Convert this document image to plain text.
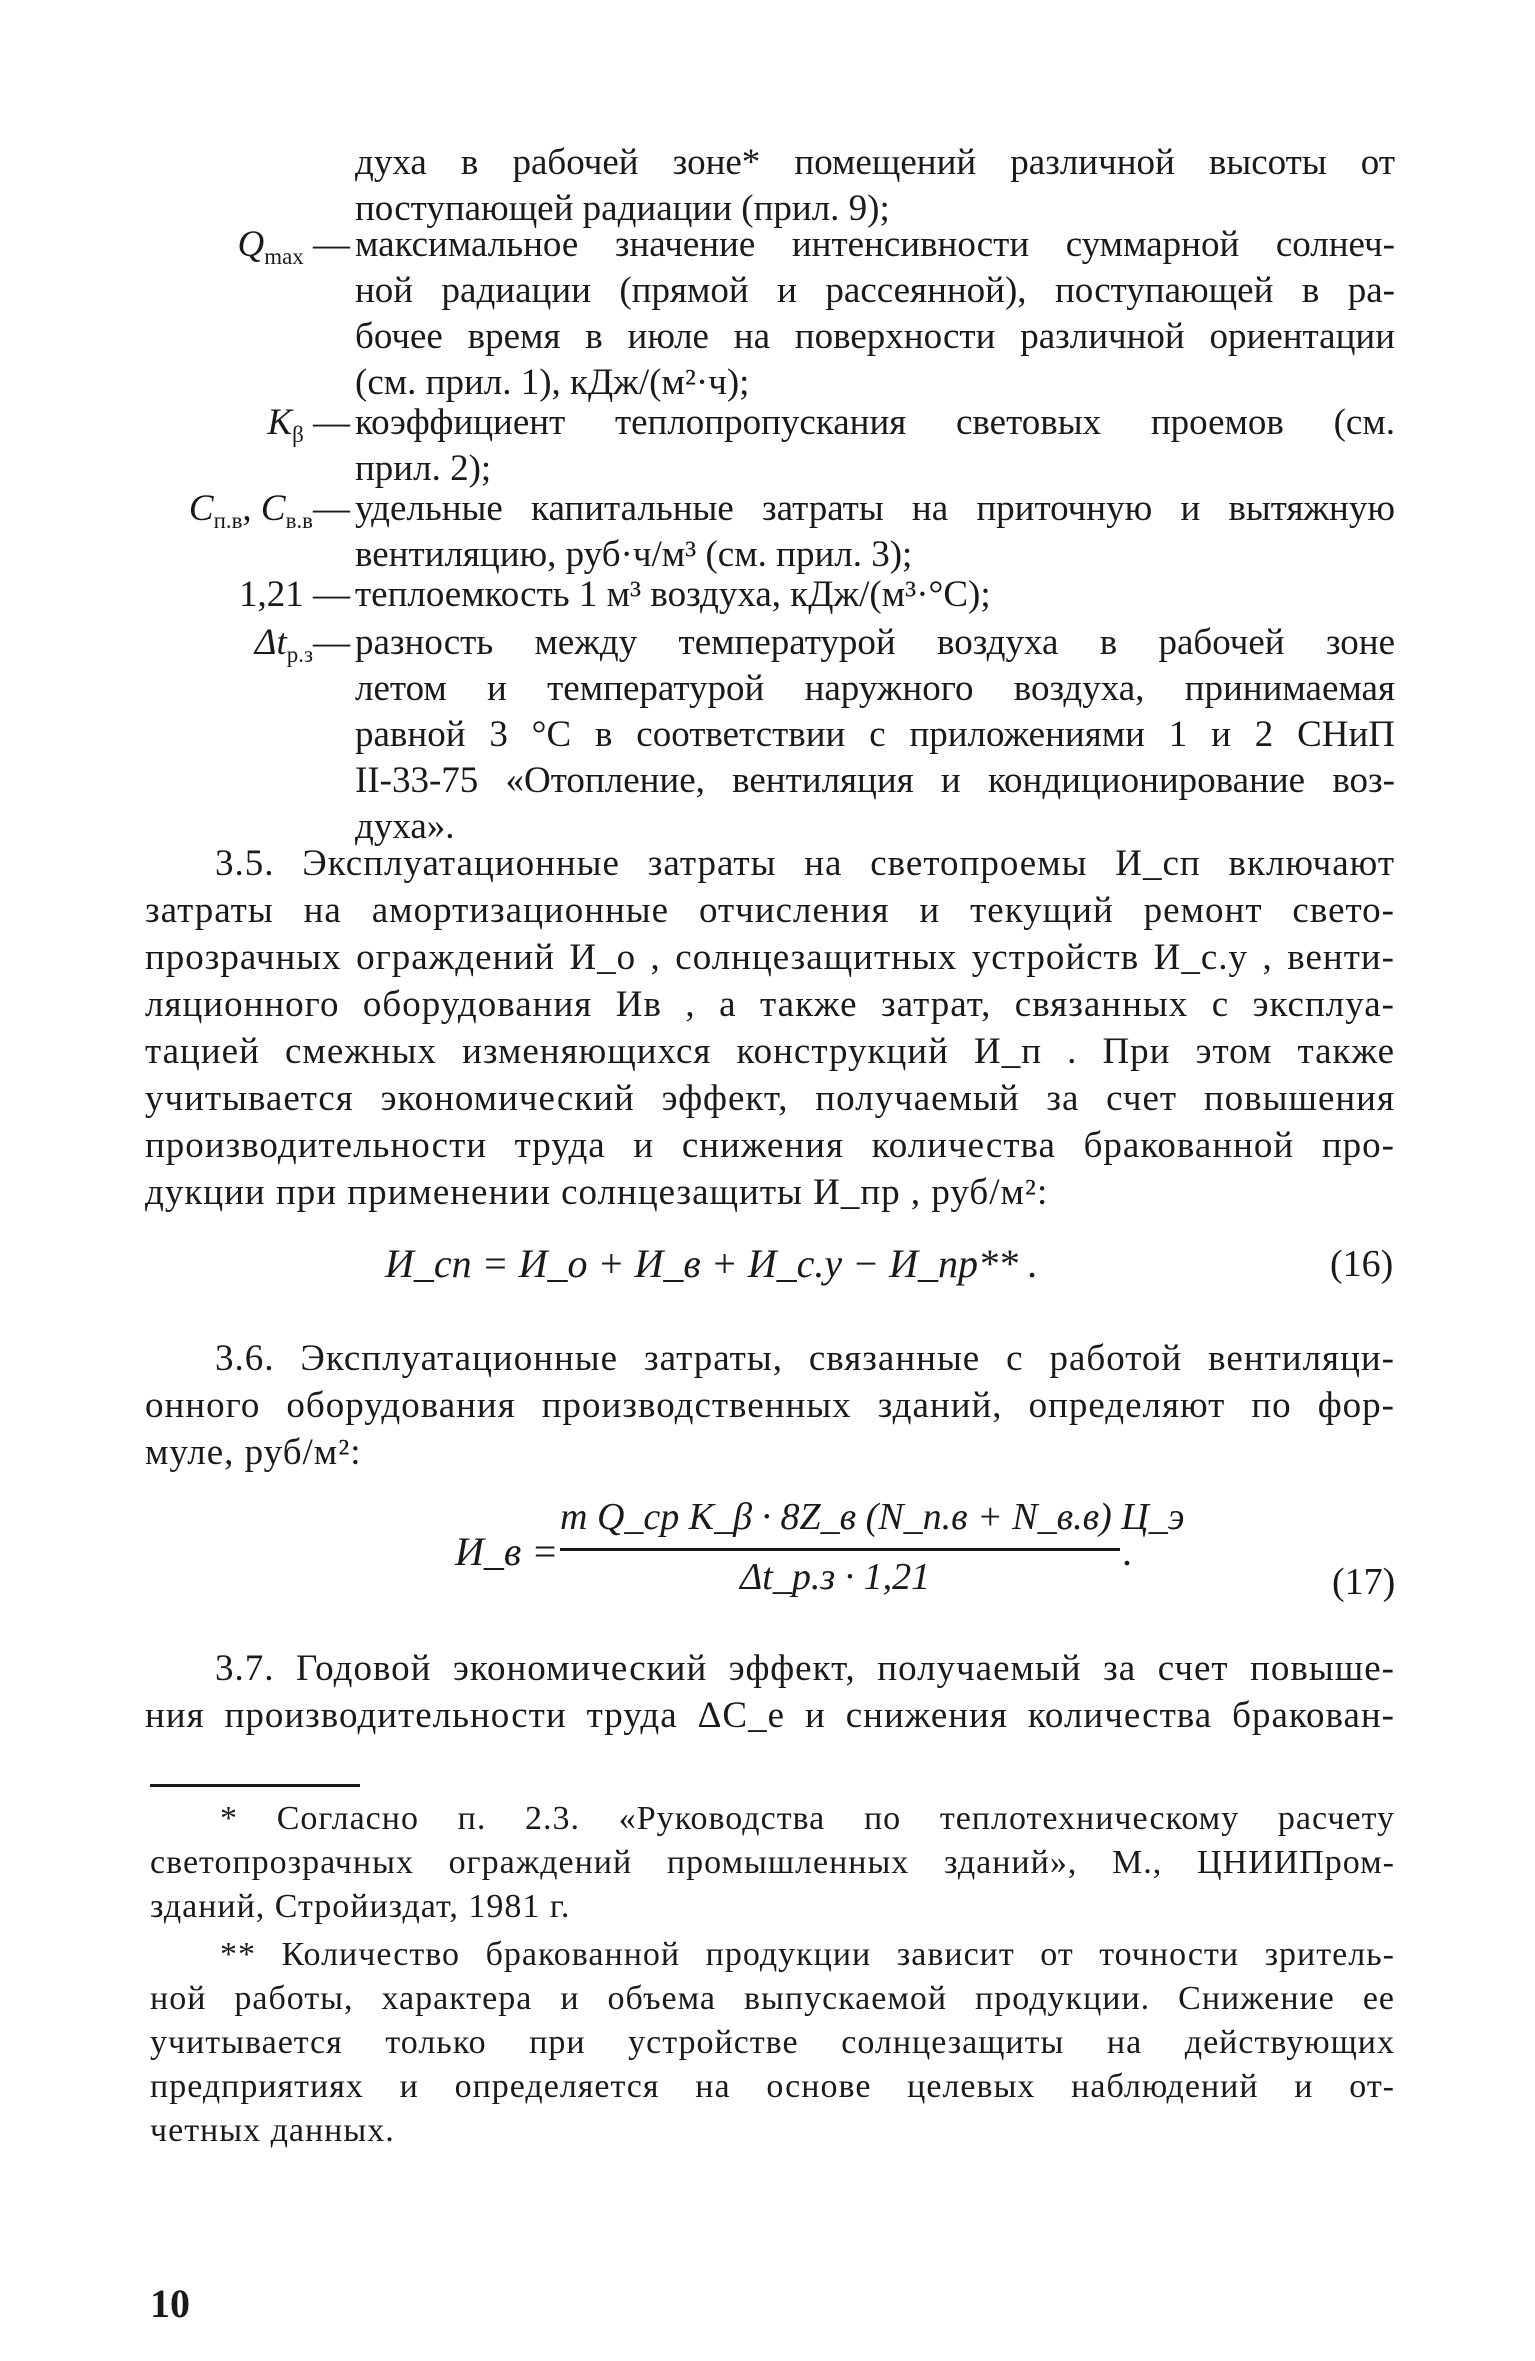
духа в рабочей зоне* помещений различной высоты от
поступающей радиации (прил. 9);
$Q_{max}$ — максимальное значение интенсивности суммарной солнеч-
ной радиации (прямой и рассеянной), поступающей в ра-
бочее время в июле на поверхности различной ориентации
(см. прил. 1), кДж/(м²·ч);
$K_\beta$ — коэффициент теплопропускания световых проемов (см.
прил. 2);
$C_{п.в}$, $C_{в.в}—$ удельные капитальные затраты на приточную и вытяжную
вентиляцию, руб·ч/м³ (см. прил. 3);
1,21 — теплоемкость 1 м³ воздуха, кДж/(м³·°С);
$\Delta t_{р.з}—$ разность между температурой воздуха в рабочей зоне
летом и температурой наружного воздуха, принимаемая
равной 3 °С в соответствии с приложениями 1 и 2 СНиП
II-33-75 «Отопление, вентиляция и кондиционирование воз-
духа».
3.5. Эксплуатационные затраты на светопроемы И_сп включают
затраты на амортизационные отчисления и текущий ремонт свето-
прозрачных ограждений И_о , солнцезащитных устройств И_с.у , венти-
ляционного оборудования Ив , а также затрат, связанных с эксплуа-
тацией смежных изменяющихся конструкций И_п . При этом также
учитывается экономический эффект, получаемый за счет повышения
производительности труда и снижения количества бракованной про-
дукции при применении солнцезащиты И_пр , руб/м²:
И_сп = И_о + И_в + И_с.у − И_пр** .	(16)
3.6. Эксплуатационные затраты, связанные с работой вентиляци-
онного оборудования производственных зданий, определяют по фор-
муле, руб/м²:
И_в =
m Q_ср K_β · 8Z_в (N_п.в + N_в.в) Ц_э
Δt_р.з · 1,21
.
(17)
3.7. Годовой экономический эффект, получаемый за счет повыше-
ния производительности труда ΔС_е и снижения количества бракован-
* Согласно п. 2.3. «Руководства по теплотехническому расчету
светопрозрачных ограждений промышленных зданий», М., ЦНИИПром-
зданий, Стройиздат, 1981 г.
** Количество бракованной продукции зависит от точности зритель-
ной работы, характера и объема выпускаемой продукции. Снижение ее
учитывается только при устройстве солнцезащиты на действующих
предприятиях и определяется на основе целевых наблюдений и от-
четных данных.
10
